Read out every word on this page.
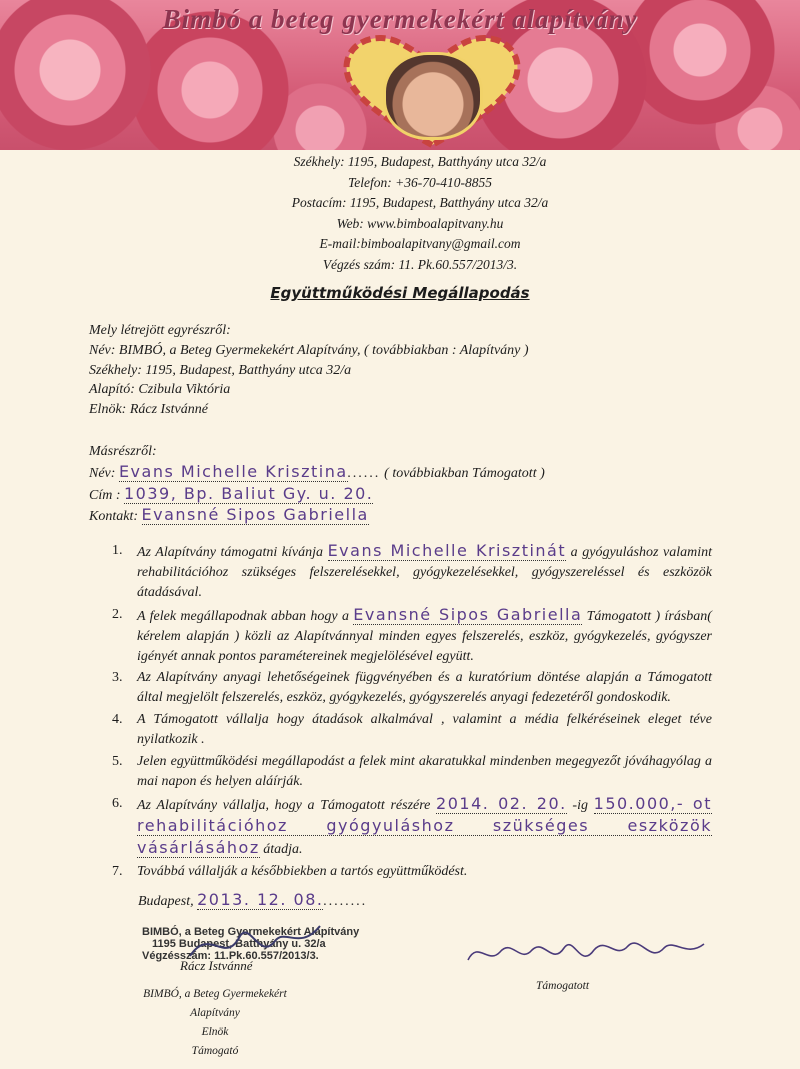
Bimbó a beteg gyermekekért alapítvány
Székhely: 1195, Budapest, Batthyány utca 32/a
Telefon: +36-70-410-8855
Postacím: 1195, Budapest, Batthyány utca 32/a
Web: www.bimboalapitvany.hu
E-mail:bimboalapitvany@gmail.com
Végzés szám: 11. Pk.60.557/2013/3.
Együttműködési Megállapodás
Mely létrejött egyrészről:
Név: BIMBÓ, a Beteg Gyermekekért Alapítvány, ( továbbiakban : Alapítvány )
Székhely: 1195, Budapest, Batthyány utca 32/a
Alapító: Czibula Viktória
Elnök: Rácz Istvánné
Másrészről:
Név: Evans Michelle Krisztina...... ( továbbiakban Támogatott )
Cím : 1039, Bp. Baliut Gy. u. 20.
Kontakt: Evansné Sipos Gabriella
1.	Az Alapítvány támogatni kívánja Evans Michelle Krisztinát a gyógyuláshoz valamint rehabilitációhoz szükséges felszerelésekkel, gyógykezelésekkel, gyógyszereléssel és eszközök átadásával.
2.	A felek megállapodnak abban hogy a Evansné Sipos Gabriella Támogatott ) írásban( kérelem alapján ) közli az Alapítvánnyal minden egyes felszerelés, eszköz, gyógykezelés, gyógyszer igényét annak pontos paramétereinek megjelölésével együtt.
3.	Az Alapítvány anyagi lehetőségeinek függvényében és a kuratórium döntése alapján a Támogatott által megjelölt felszerelés, eszköz, gyógykezelés, gyógyszerelés anyagi fedezetéről gondoskodik.
4.	A Támogatott vállalja hogy átadások alkalmával , valamint a média felkéréseinek eleget téve nyilatkozik .
5.	Jelen együttműködési megállapodást a felek mint akaratukkal mindenben megegyezőt jóváhagyólag a mai napon és helyen aláírják.
6.	Az Alapítvány vállalja, hogy a Támogatott részére 2014. 02. 20. -ig 150.000,- ot rehabilitációhoz gyógyuláshoz szükséges eszközök vásárlásához átadja.
7.	Továbbá vállalják a későbbiekben a tartós együttműködést.
Budapest, 2013. 12. 08.........
BIMBÓ, a Beteg Gyermekekért Alapítvány
1195 Budapest, Batthyány u. 32/a
Végzésszám: 11.Pk.60.557/2013/3.
Rácz Istvánné
BIMBÓ, a Beteg Gyermekekért
Alapítvány
Elnök
Támogató
Támogatott
